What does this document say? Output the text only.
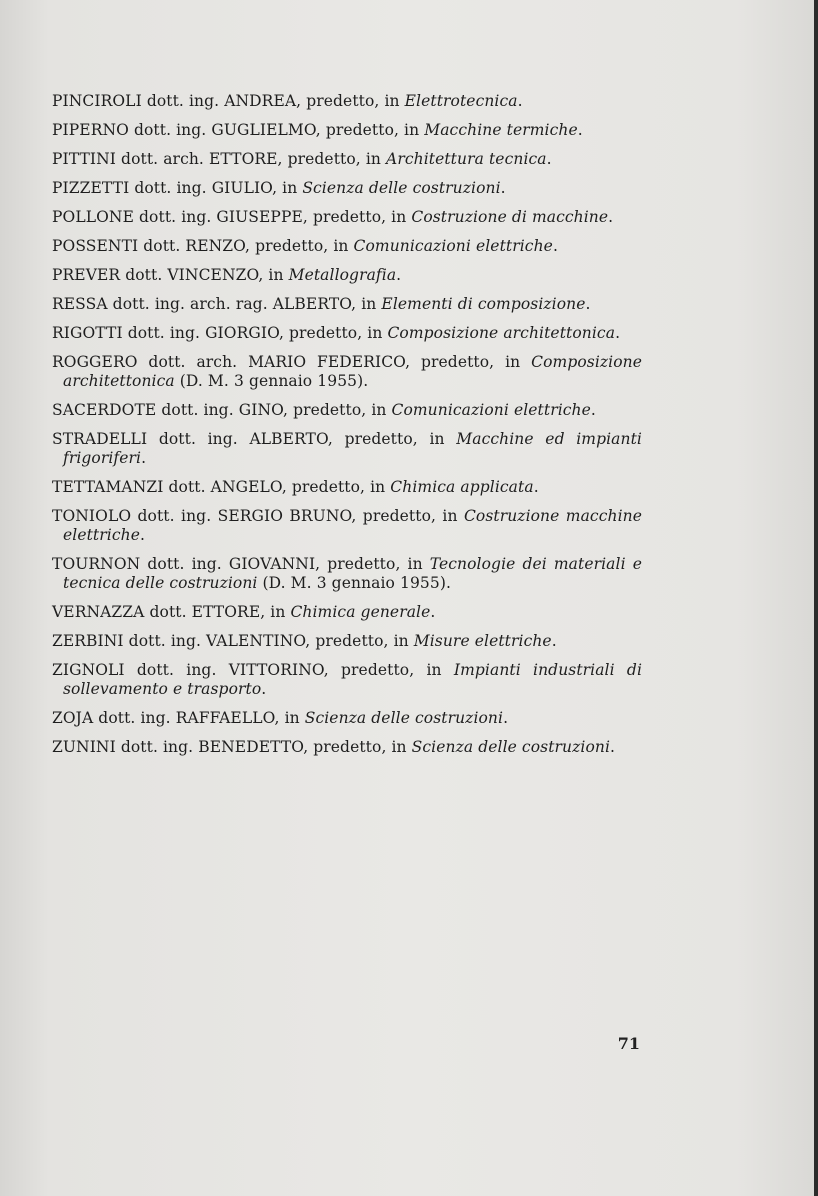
PINCIROLI dott. ing. ANDREA, predetto, in Elettrotecnica.
PIPERNO dott. ing. GUGLIELMO, predetto, in Macchine termiche.
PITTINI dott. arch. ETTORE, predetto, in Architettura tecnica.
PIZZETTI dott. ing. GIULIO, in Scienza delle costruzioni.
POLLONE dott. ing. GIUSEPPE, predetto, in Costruzione di macchine.
POSSENTI dott. RENZO, predetto, in Comunicazioni elettriche.
PREVER dott. VINCENZO, in Metallografia.
RESSA dott. ing. arch. rag. ALBERTO, in Elementi di composizione.
RIGOTTI dott. ing. GIORGIO, predetto, in Composizione architettonica.
ROGGERO dott. arch. MARIO FEDERICO, predetto, in Composizione architettonica (D. M. 3 gennaio 1955).
SACERDOTE dott. ing. GINO, predetto, in Comunicazioni elettriche.
STRADELLI dott. ing. ALBERTO, predetto, in Macchine ed impianti frigoriferi.
TETTAMANZI dott. ANGELO, predetto, in Chimica applicata.
TONIOLO dott. ing. SERGIO BRUNO, predetto, in Costruzione macchine elettriche.
TOURNON dott. ing. GIOVANNI, predetto, in Tecnologie dei materiali e tecnica delle costruzioni (D. M. 3 gennaio 1955).
VERNAZZA dott. ETTORE, in Chimica generale.
ZERBINI dott. ing. VALENTINO, predetto, in Misure elettriche.
ZIGNOLI dott. ing. VITTORINO, predetto, in Impianti industriali di sollevamento e trasporto.
ZOJA dott. ing. RAFFAELLO, in Scienza delle costruzioni.
ZUNINI dott. ing. BENEDETTO, predetto, in Scienza delle costruzioni.
71
